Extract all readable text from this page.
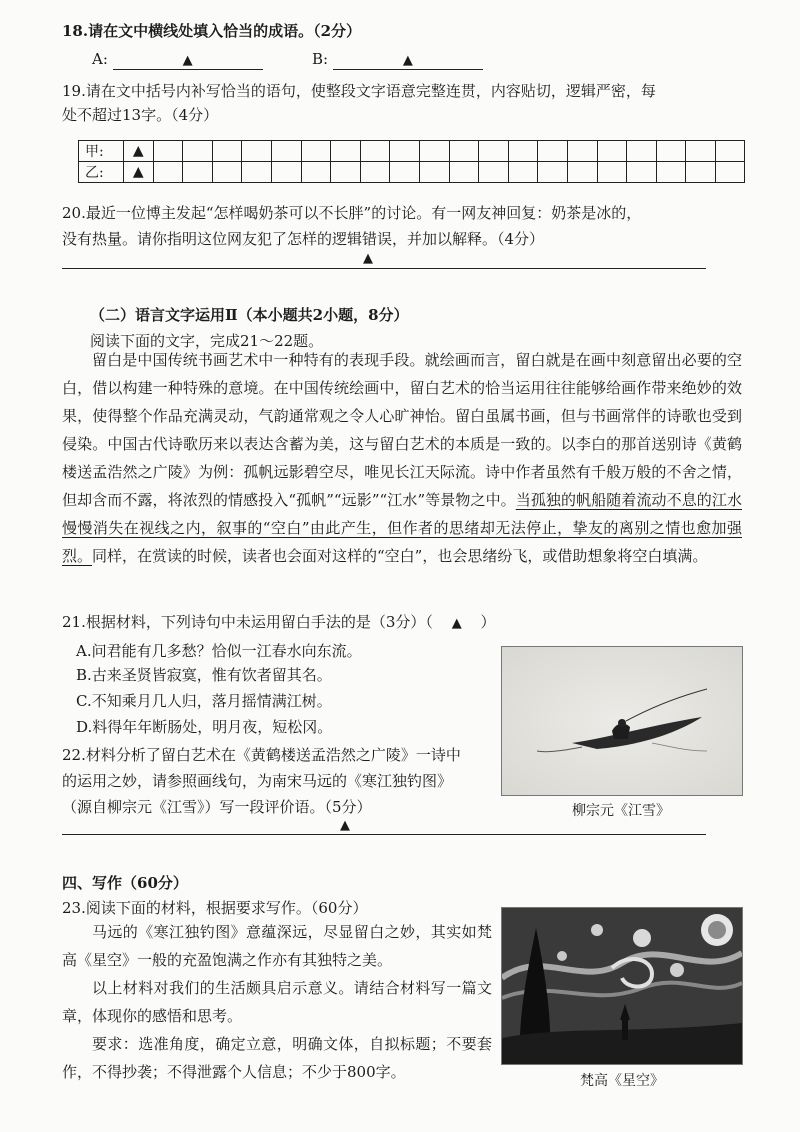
18.请在文中横线处填入恰当的成语。（2分）
A:	▲	B:	▲
19.请在文中括号内补写恰当的语句，使整段文字语意完整连贯，内容贴切，逻辑严密，每
处不超过13字。（4分）
甲:	▲																				
乙:	▲																				
20.最近一位博主发起“怎样喝奶茶可以不长胖”的讨论。有一网友神回复：奶茶是冰的，
没有热量。请你指明这位网友犯了怎样的逻辑错误，并加以解释。（4分）
▲
（二）语言文字运用Ⅱ（本小题共2小题，8分）
阅读下面的文字，完成21～22题。

留白是中国传统书画艺术中一种特有的表现手段。就绘画而言，留白就是在画中刻意留出必要的空白，借以构建一种特殊的意境。在中国传统绘画中，留白艺术的恰当运用往往能够给画作带来绝妙的效果，使得整个作品充满灵动，气韵通常观之令人心旷神怡。留白虽属书画，但与书画常伴的诗歌也受到侵染。中国古代诗歌历来以表达含蓄为美，这与留白艺术的本质是一致的。以李白的那首送别诗《黄鹤楼送孟浩然之广陵》为例：孤帆远影碧空尽，唯见长江天际流。诗中作者虽然有千般万般的不舍之情，但却含而不露，将浓烈的情感投入“孤帆”“远影”“江水”等景物之中。当孤独的帆船随着流动不息的江水慢慢消失在视线之内，叙事的“空白”由此产生，但作者的思绪却无法停止，挚友的离别之情也愈加强烈。同样，在赏读的时候，读者也会面对这样的“空白”，也会思绪纷飞，或借助想象将空白填满。

21.根据材料，下列诗句中未运用留白手法的是（3分）（ ▲ ）
A.问君能有几多愁？恰似一江春水向东流。
B.古来圣贤皆寂寞，惟有饮者留其名。
C.不知乘月几人归，落月摇情满江树。
D.料得年年断肠处，明月夜，短松冈。
柳宗元《江雪》
22.材料分析了留白艺术在《黄鹤楼送孟浩然之广陵》一诗中
的运用之妙，请参照画线句，为南宋马远的《寒江独钓图》
（源自柳宗元《江雪》）写一段评价语。（5分）
▲
四、写作（60分）
23.阅读下面的材料，根据要求写作。（60分）

马远的《寒江独钓图》意蕴深远，尽显留白之妙，其实如梵高《星空》一般的充盈饱满之作亦有其独特之美。

以上材料对我们的生活颇具启示意义。请结合材料写一篇文章，体现你的感悟和思考。

要求：选准角度，确定立意，明确文体，自拟标题；不要套作，不得抄袭；不得泄露个人信息；不少于800字。	梵高《星空》
